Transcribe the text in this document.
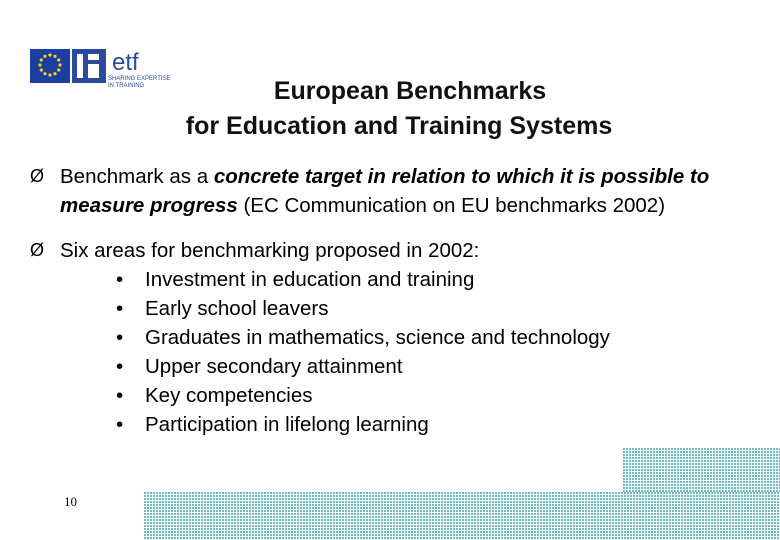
etf
SHARING EXPERTISE
IN TRAINING	European Benchmarks
for Education and Training Systems
Ø Benchmark as a concrete target in relation to which it is possible to measure progress (EC Communication on EU benchmarks 2002)
Ø Six areas for benchmarking proposed in 2002:
• Investment in education and training
• Early school leavers
• Graduates in mathematics, science and technology
• Upper secondary attainment
• Key competencies
• Participation in lifelong learning
10
